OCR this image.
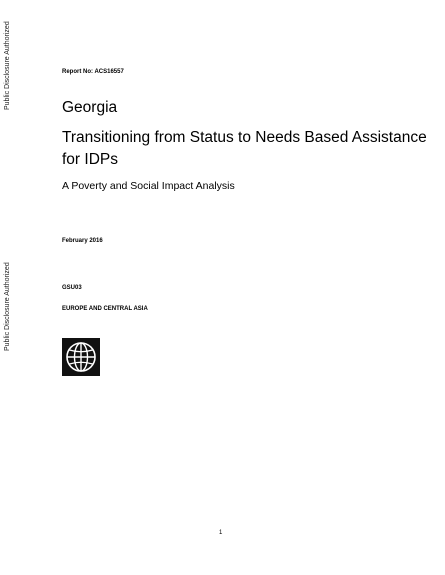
Public Disclosure Authorized
Public Disclosure Authorized
Report No: ACS16557
Georgia
Transitioning from Status to Needs Based Assistance for IDPs
A Poverty and Social Impact Analysis
February 2016
GSU03
EUROPE AND CENTRAL ASIA
1
